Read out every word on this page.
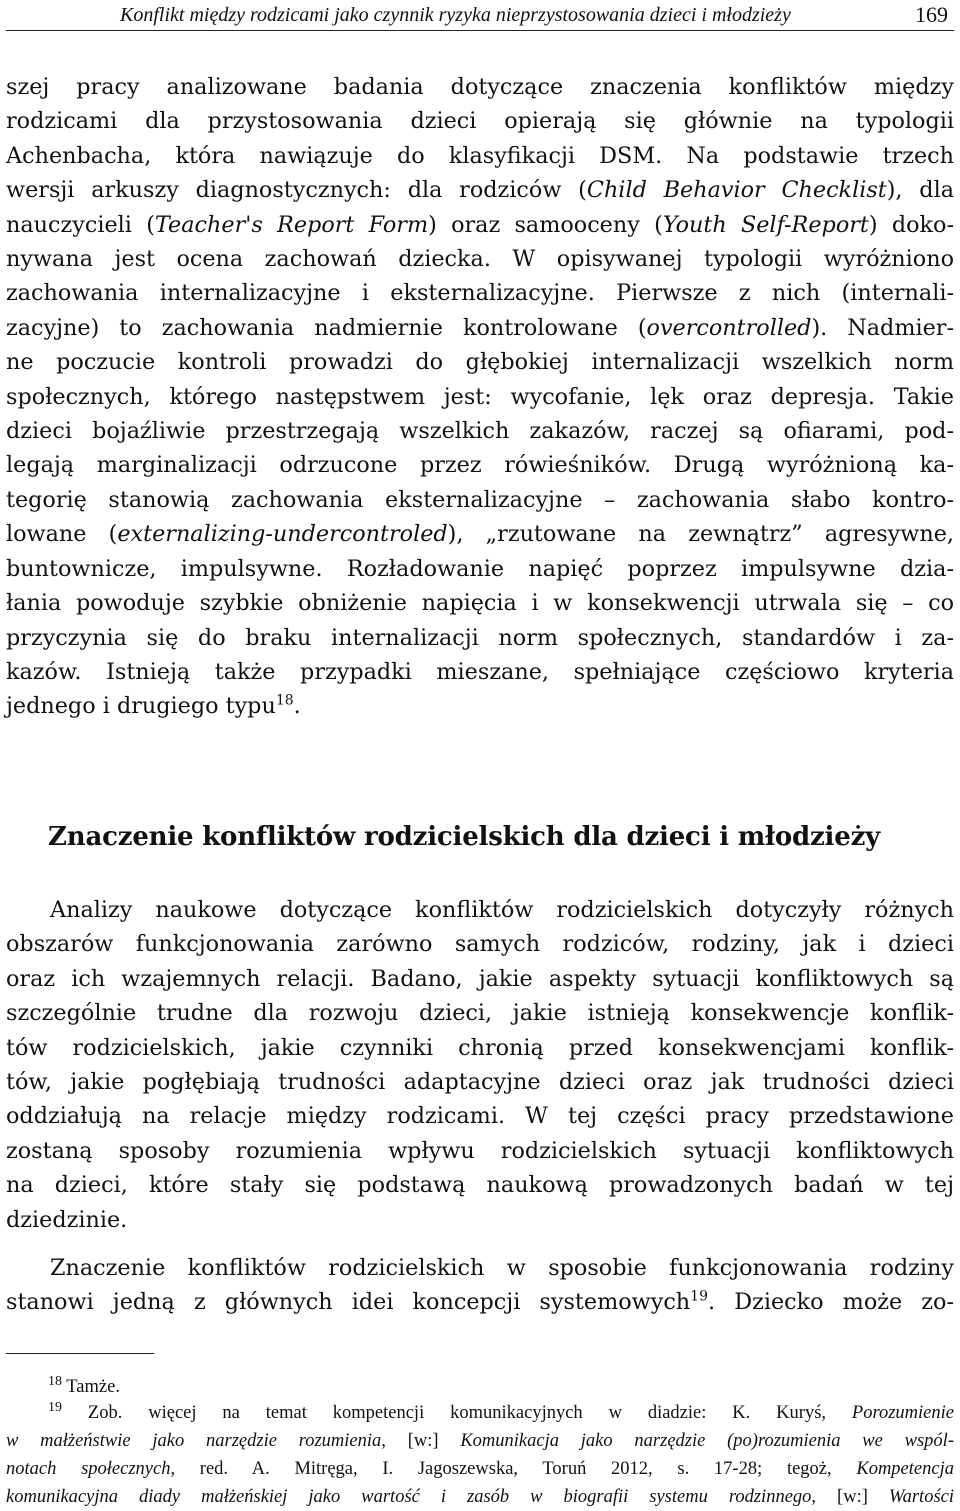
Konflikt między rodzicami jako czynnik ryzyka nieprzystosowania dzieci i młodzieży	169
szej pracy analizowane badania dotyczące znaczenia konfliktów między
rodzicami dla przystosowania dzieci opierają się głównie na typologii
Achenbacha, która nawiązuje do klasyfikacji DSM. Na podstawie trzech
wersji arkuszy diagnostycznych: dla rodziców (Child Behavior Checklist), dla
nauczycieli (Teacher's Report Form) oraz samooceny (Youth Self-Report) doko-
nywana jest ocena zachowań dziecka. W opisywanej typologii wyróżniono
zachowania internalizacyjne i eksternalizacyjne. Pierwsze z nich (internali-
zacyjne) to zachowania nadmiernie kontrolowane (overcontrolled). Nadmier-
ne poczucie kontroli prowadzi do głębokiej internalizacji wszelkich norm
społecznych, którego następstwem jest: wycofanie, lęk oraz depresja. Takie
dzieci bojaźliwie przestrzegają wszelkich zakazów, raczej są ofiarami, pod-
legają marginalizacji odrzucone przez rówieśników. Drugą wyróżnioną ka-
tegorię stanowią zachowania eksternalizacyjne – zachowania słabo kontro-
lowane (externalizing-undercontroled), „rzutowane na zewnątrz” agresywne,
buntownicze, impulsywne. Rozładowanie napięć poprzez impulsywne dzia-
łania powoduje szybkie obniżenie napięcia i w konsekwencji utrwala się – co
przyczynia się do braku internalizacji norm społecznych, standardów i za-
kazów. Istnieją także przypadki mieszane, spełniające częściowo kryteria
jednego i drugiego typu$^{18}$.
Znaczenie konfliktów rodzicielskich dla dzieci i młodzieży
Analizy naukowe dotyczące konfliktów rodzicielskich dotyczyły różnych
obszarów funkcjonowania zarówno samych rodziców, rodziny, jak i dzieci
oraz ich wzajemnych relacji. Badano, jakie aspekty sytuacji konfliktowych są
szczególnie trudne dla rozwoju dzieci, jakie istnieją konsekwencje konflik-
tów rodzicielskich, jakie czynniki chronią przed konsekwencjami konflik-
tów, jakie pogłębiają trudności adaptacyjne dzieci oraz jak trudności dzieci
oddziałują na relacje między rodzicami. W tej części pracy przedstawione
zostaną sposoby rozumienia wpływu rodzicielskich sytuacji konfliktowych
na dzieci, które stały się podstawą naukową prowadzonych badań w tej
dziedzinie.
Znaczenie konfliktów rodzicielskich w sposobie funkcjonowania rodziny
stanowi jedną z głównych idei koncepcji systemowych$^{19}$. Dziecko może zo-
$^{18}$ Tamże.
$^{19}$ Zob. więcej na temat kompetencji komunikacyjnych w diadzie: K. Kuryś, Porozumienie
w małżeństwie jako narzędzie rozumienia, [w:] Komunikacja jako narzędzie (po)rozumienia we wspól-
notach społecznych, red. A. Mitręga, I. Jagoszewska, Toruń 2012, s. 17-28; tegoż, Kompetencja
komunikacyjna diady małżeńskiej jako wartość i zasób w biografii systemu rodzinnego, [w:] Wartości
